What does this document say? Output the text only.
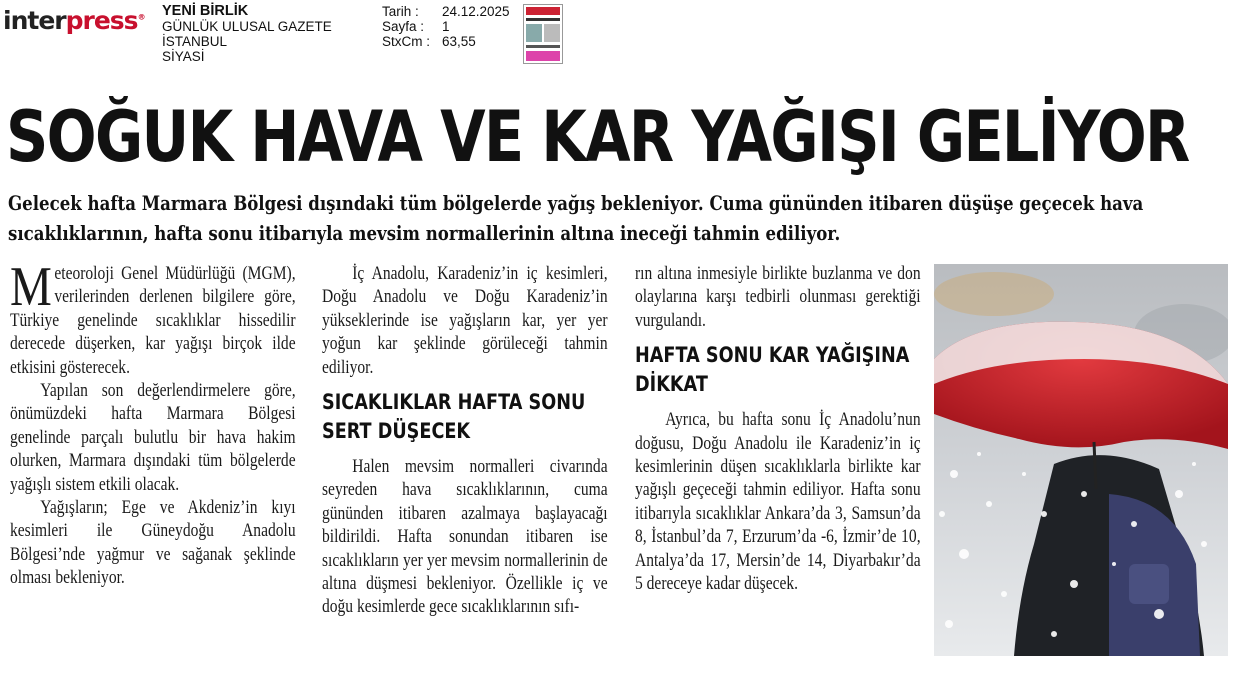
interpress® YENİ BİRLİK
GÜNLÜK ULUSAL GAZETE
İSTANBUL
SİYASİ
Tarih :
Sayfa :
StxCm :
24.12.2025
1
63,55
SOĞUK HAVA VE KAR YAĞIŞI GELİYOR

Gelecek hafta Marmara Bölgesi dışındaki tüm bölgelerde yağış bekleniyor. Cuma gününden itibaren düşüşe geçecek hava sıcaklıklarının, hafta sonu itibarıyla mevsim normallerinin altına ineceği tahmin ediliyor.

Meteoroloji Genel Müdürlüğü (MGM), verilerinden derlenen bilgilere göre, Türkiye genelinde sıcaklıklar hissedilir derecede düşerken, kar yağışı birçok ilde etkisini gösterecek.

Yapılan son değerlendirmelere göre, önümüzdeki hafta Marmara Bölgesi genelinde parçalı bulutlu bir hava hakim olurken, Marmara dışındaki tüm bölgelerde yağışlı sistem etkili olacak.

Yağışların; Ege ve Akdeniz’in kıyı kesimleri ile Güneydoğu Anadolu Bölgesi’nde yağmur ve sağanak şeklinde olması bekleniyor.

İç Anadolu, Karadeniz’in iç kesimleri, Doğu Anadolu ve Doğu Karadeniz’in yükseklerinde ise yağışların kar, yer yer yoğun kar şeklinde görüleceği tahmin ediliyor.

SICAKLIKLAR HAFTA SONU SERT DÜŞECEK

Halen mevsim normalleri civarında seyreden hava sıcaklıklarının, cuma gününden itibaren azalmaya başlayacağı bildirildi. Hafta sonundan itibaren ise sıcaklıkların yer yer mevsim normallerinin de altına düşmesi bekleniyor. Özellikle iç ve doğu kesimlerde gece sıcaklıklarının sıfı-

rın altına inmesiyle birlikte buzlanma ve don olaylarına karşı tedbirli olunması gerektiği vurgulandı.

HAFTA SONU KAR YAĞIŞINA DİKKAT

Ayrıca, bu hafta sonu İç Anadolu’nun doğusu, Doğu Anadolu ile Karadeniz’in iç kesimlerinin düşen sıcaklıklarla birlikte kar yağışlı geçeceği tahmin ediliyor. Hafta sonu itibarıyla sıcaklıklar Ankara’da 3, Samsun’da 8, İstanbul’da 7, Erzurum’da -6, İzmir’de 10, Antalya’da 17, Mersin’de 14, Diyarbakır’da 5 dereceye kadar düşecek.
